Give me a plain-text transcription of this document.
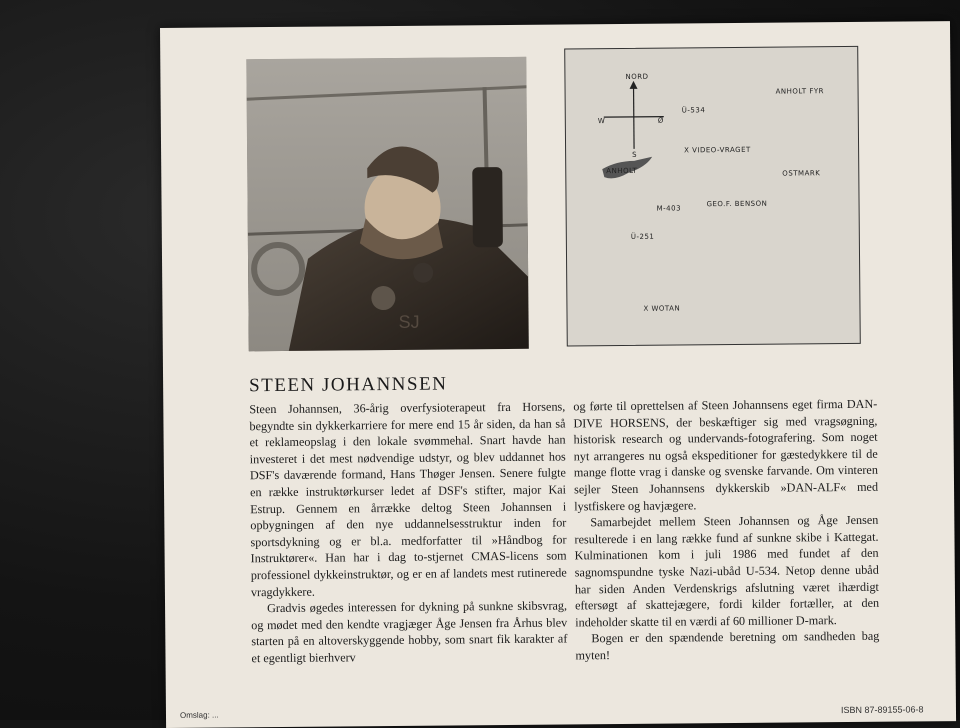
SJ
NORD
W	Ø
S
ANHOLT
Ü-534
ANHOLT FYR
X VIDEO-VRAGET
OSTMARK
M-403
GEO.F. BENSON
Ü-251
X WOTAN
STEEN JOHANNSEN

Steen Johannsen, 36-årig overfysioterapeut fra Horsens, begyndte sin dykkerkarriere for mere end 15 år siden, da han så et reklameopslag i den lokale svømmehal. Snart havde han investeret i det mest nødvendige udstyr, og blev uddannet hos DSF's daværende formand, Hans Thøger Jensen. Senere fulgte en række instruktørkurser ledet af DSF's stifter, major Kai Estrup. Gennem en årrække deltog Steen Johannsen i opbygningen af den nye uddannelsesstruktur inden for sportsdykning og er bl.a. medforfatter til »Håndbog for Instruktører«. Han har i dag to-stjernet CMAS-licens som professionel dykkeinstruktør, og er en af landets mest rutinerede vragdykkere.

Gradvis øgedes interessen for dykning på sunkne skibsvrag, og mødet med den kendte vragjæger Åge Jensen fra Århus blev starten på en altoverskyggende hobby, som snart fik karakter af et egentligt bierhverv

og førte til oprettelsen af Steen Johannsens eget firma DAN-DIVE HORSENS, der beskæftiger sig med vragsøgning, historisk research og undervands-fotografering. Som noget nyt arrangeres nu også ekspeditioner for gæstedykkere til de mange flotte vrag i danske og svenske farvande. Om vinteren sejler Steen Johannsens dykkerskib »DAN-ALF« med lystfiskere og havjægere.

Samarbejdet mellem Steen Johannsen og Åge Jensen resulterede i en lang række fund af sunkne skibe i Kattegat. Kulminationen kom i juli 1986 med fundet af den sagnomspundne tyske Nazi-ubåd U-534. Netop denne ubåd har siden Anden Verdenskrigs afslutning været ihærdigt eftersøgt af skattejægere, fordi kilder fortæller, at den indeholder skatte til en værdi af 60 millioner D-mark.

Bogen er den spændende beretning om sandheden bag myten!

Omslag: ...
ISBN 87-89155-06-8
